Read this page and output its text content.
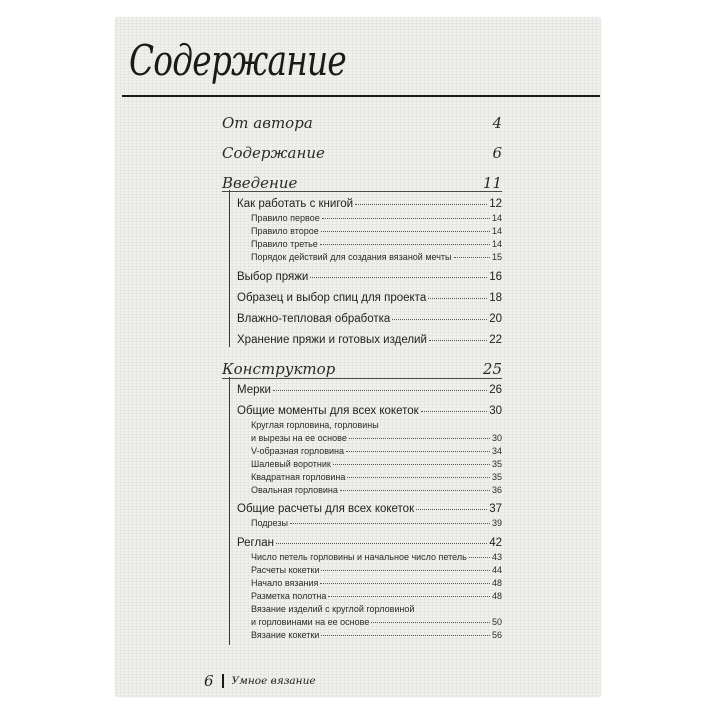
Содержание
От автора	4
Содержание	6
Введение	11
Как работать с книгой	12
Правило первое	14
Правило второе	14
Правило третье	14
Порядок действий для создания вязаной мечты	15
Выбор пряжи	16
Образец и выбор спиц для проекта	18
Влажно-тепловая обработка	20
Хранение пряжи и готовых изделий	22
Конструктор	25
Мерки	26
Общие моменты для всех кокеток	30
Круглая горловина, горловины
и вырезы на ее основе	30
V-образная горловина	34
Шалевый воротник	35
Квадратная горловина	35
Овальная горловина	36
Общие расчеты для всех кокеток	37
Подрезы	39
Реглан	42
Число петель горловины и начальное число петель	43
Расчеты кокетки	44
Начало вязания	48
Разметка полотна	48
Вязание изделий с круглой горловиной
и горловинами на ее основе	50
Вязание кокетки	56
6 Умное вязание
